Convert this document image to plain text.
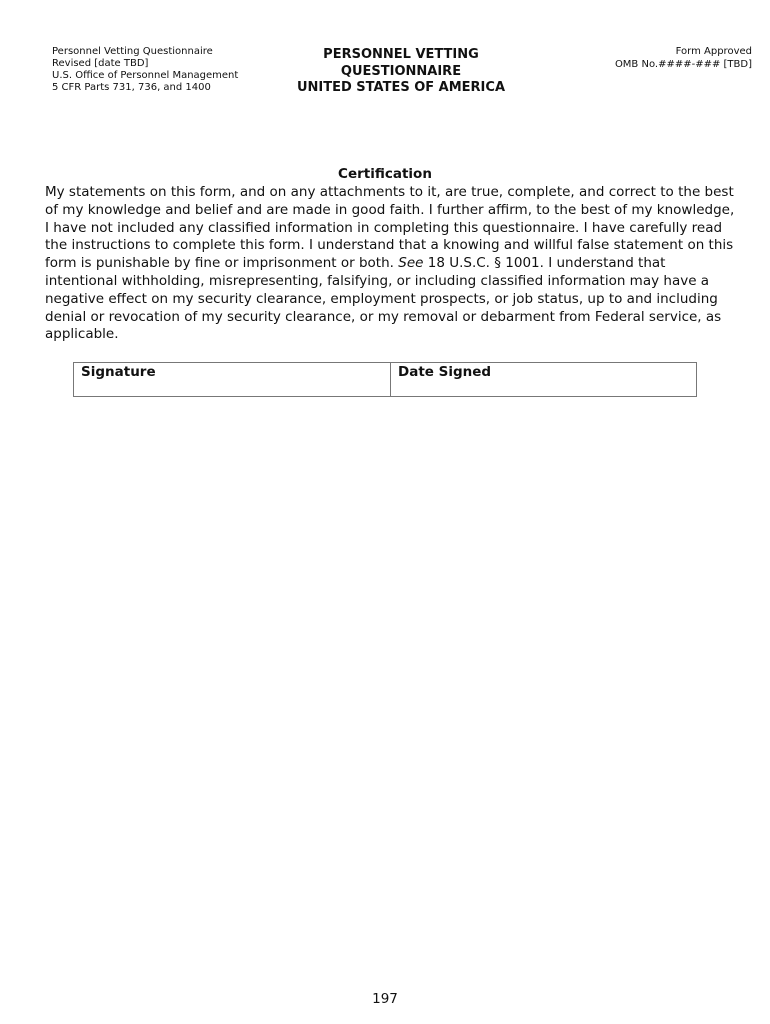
Personnel Vetting Questionnaire
Revised [date TBD]
U.S. Office of Personnel Management
5 CFR Parts 731, 736, and 1400
PERSONNEL VETTING
QUESTIONNAIRE
UNITED STATES OF AMERICA
Form Approved
OMB No.####-### [TBD]
Certification

My statements on this form, and on any attachments to it, are true, complete, and correct to the best of my knowledge and belief and are made in good faith. I further affirm, to the best of my knowledge, I have not included any classified information in completing this questionnaire. I have carefully read the instructions to complete this form. I understand that a knowing and willful false statement on this form is punishable by fine or imprisonment or both. See 18 U.S.C. § 1001. I understand that intentional withholding, misrepresenting, falsifying, or including classified information may have a negative effect on my security clearance, employment prospects, or job status, up to and including denial or revocation of my security clearance, or my removal or debarment from Federal service, as applicable.

Signature	Date Signed
197
